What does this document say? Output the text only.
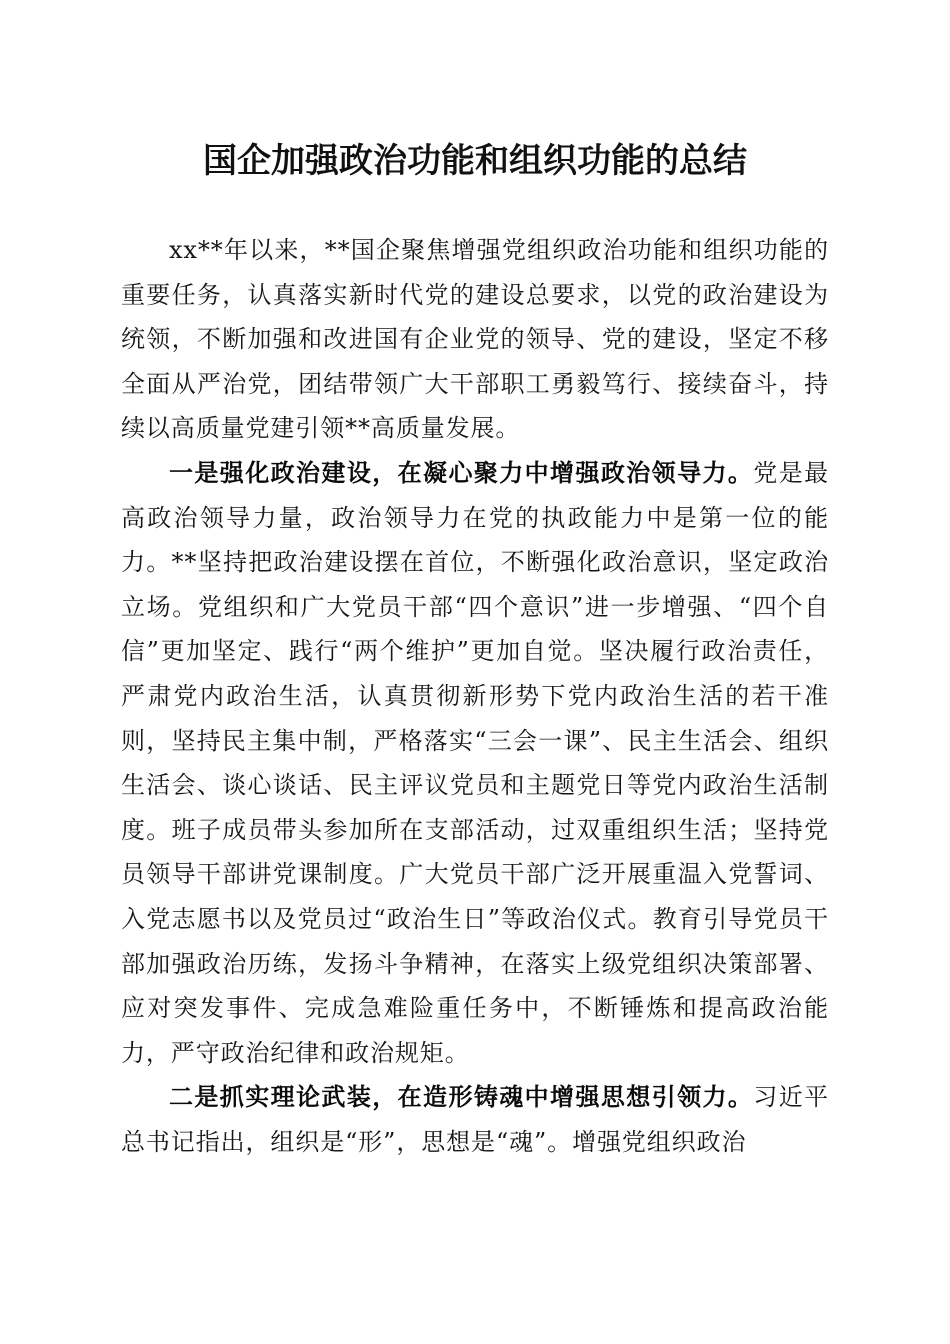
国企加强政治功能和组织功能的总结

xx**年以来，**国企聚焦增强党组织政治功能和组织功能的重要任务，认真落实新时代党的建设总要求，以党的政治建设为统领，不断加强和改进国有企业党的领导、党的建设，坚定不移全面从严治党，团结带领广大干部职工勇毅笃行、接续奋斗，持续以高质量党建引领**高质量发展。

一是强化政治建设，在凝心聚力中增强政治领导力。党是最高政治领导力量，政治领导力在党的执政能力中是第一位的能力。**坚持把政治建设摆在首位，不断强化政治意识，坚定政治立场。党组织和广大党员干部“四个意识”进一步增强、“四个自信”更加坚定、践行“两个维护”更加自觉。坚决履行政治责任，严肃党内政治生活，认真贯彻新形势下党内政治生活的若干准则，坚持民主集中制，严格落实“三会一课”、民主生活会、组织生活会、谈心谈话、民主评议党员和主题党日等党内政治生活制度。班子成员带头参加所在支部活动，过双重组织生活；坚持党员领导干部讲党课制度。广大党员干部广泛开展重温入党誓词、入党志愿书以及党员过“政治生日”等政治仪式。教育引导党员干部加强政治历练，发扬斗争精神，在落实上级党组织决策部署、应对突发事件、完成急难险重任务中，不断锤炼和提高政治能力，严守政治纪律和政治规矩。

二是抓实理论武装，在造形铸魂中增强思想引领力。习近平总书记指出，组织是“形”，思想是“魂”。增强党组织政治
